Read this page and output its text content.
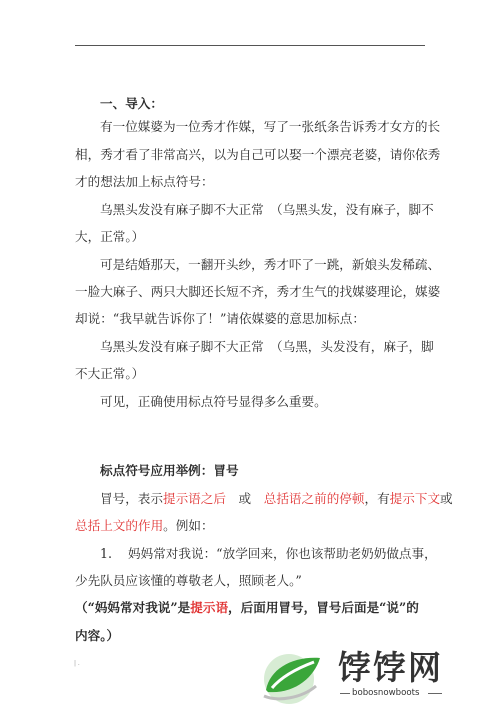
一、导入：
有一位媒婆为一位秀才作媒，写了一张纸条告诉秀才女方的长
相，秀才看了非常高兴，以为自己可以娶一个漂亮老婆，请你依秀
才的想法加上标点符号：
乌黑头发没有麻子脚不大正常　（乌黑头发，没有麻子，脚不
大，正常。）
可是结婚那天，一翻开头纱，秀才吓了一跳，新娘头发稀疏、
一脸大麻子、两只大脚还长短不齐，秀才生气的找媒婆理论，媒婆
却说：“我早就告诉你了！”请依媒婆的意思加标点：
乌黑头发没有麻子脚不大正常　（乌黑，头发没有，麻子，脚
不大正常。）
可见，正确使用标点符号显得多么重要。
标点符号应用举例：冒号
冒号，表示提示语之后　或　总括语之前的停顿，有提示下文或
总括上文的作用。例如：
1. 妈妈常对我说：“放学回来，你也该帮助老奶奶做点事，
少先队员应该懂的尊敬老人，照顾老人。”
（“妈妈常对我说”是提示语，后面用冒号，冒号后面是“说”的
内容。）
| .	饽饽网
bobosnowboots
